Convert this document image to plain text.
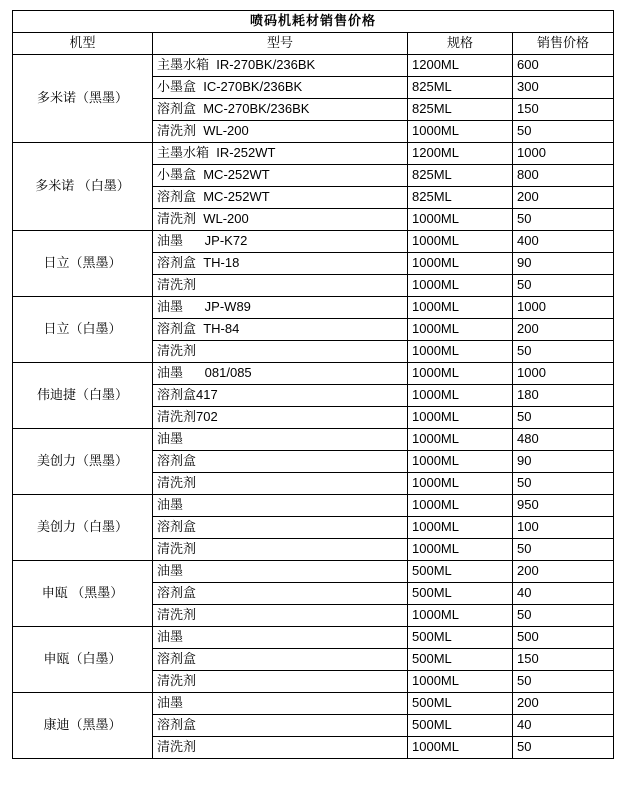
喷码机耗材销售价格			
机型	型号	规格	销售价格
多米诺（黑墨）	主墨水箱  IR-270BK/236BK	1200ML	600
	小墨盒  IC-270BK/236BK	825ML	300
	溶剂盒  MC-270BK/236BK	825ML	150
	清洗剂  WL-200	1000ML	50
多米诺 （白墨）	主墨水箱  IR-252WT	1200ML	1000
	小墨盒  MC-252WT	825ML	800
	溶剂盒  MC-252WT	825ML	200
	清洗剂  WL-200	1000ML	50
日立（黑墨）	油墨      JP-K72	1000ML	400
	溶剂盒  TH-18	1000ML	90
	清洗剂	1000ML	50
日立（白墨）	油墨      JP-W89	1000ML	1000
	溶剂盒  TH-84	1000ML	200
	清洗剂	1000ML	50
伟迪捷（白墨）	油墨      081/085	1000ML	1000
	溶剂盒417	1000ML	180
	清洗剂702	1000ML	50
美创力（黑墨）	油墨	1000ML	480
	溶剂盒	1000ML	90
	清洗剂	1000ML	50
美创力（白墨）	油墨	1000ML	950
	溶剂盒	1000ML	100
	清洗剂	1000ML	50
申瓯 （黑墨）	油墨	500ML	200
	溶剂盒	500ML	40
	清洗剂	1000ML	50
申瓯（白墨）	油墨	500ML	500
	溶剂盒	500ML	150
	清洗剂	1000ML	50
康迪（黑墨）	油墨	500ML	200
	溶剂盒	500ML	40
	清洗剂	1000ML	50
